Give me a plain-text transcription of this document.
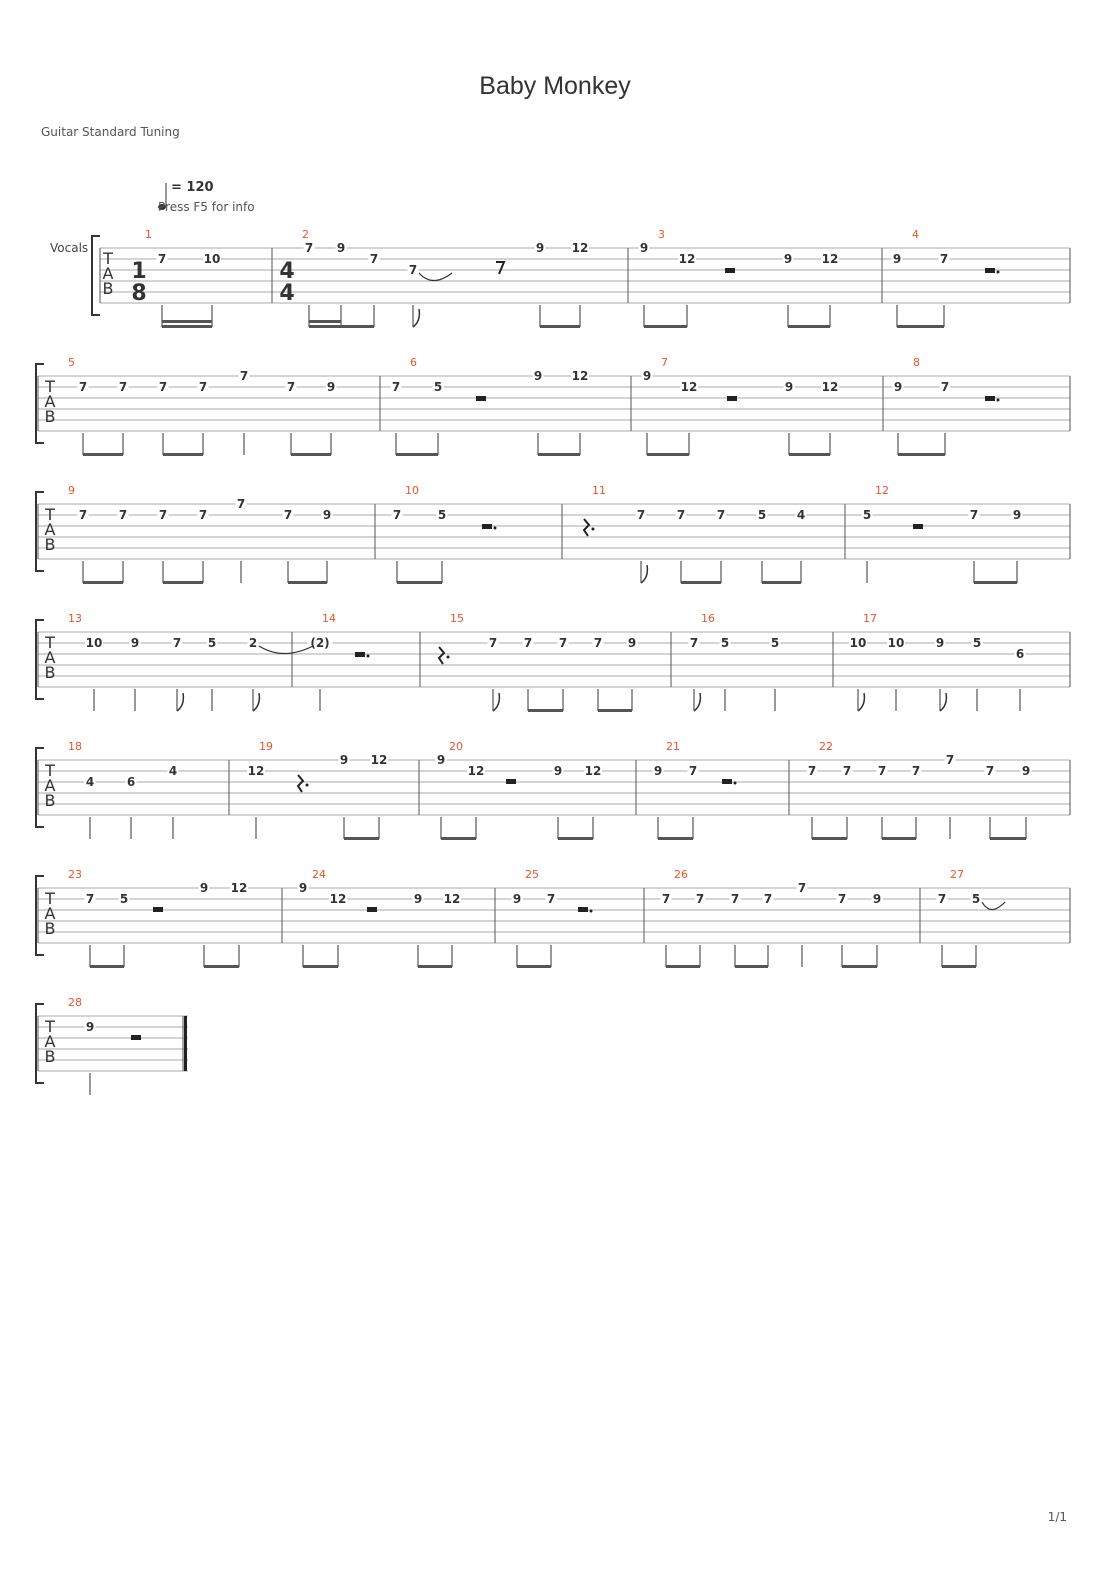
Baby Monkey
Guitar Standard Tuning
= 120
Press F5 for info
Vocals
1/1
T
A
B
1
8
4
4
1
7	10
2
7 9
7
7
9 12
3
9
12	9 12
4
9	7
T
A
B
5
7	7	7	7
7
7	9
6
7	5
9 12
7
9
12	9 12
8
9	7
T
A
B
9
7	7	7	7
7
7	9
10
7	5
11
7	7	7	5	4
12
5	7	9
T
A
B
13
10 9	7 5	2
14
(2)
15
7 7 7 7 9
16
7 5	5
17
10 10	9 5
6
T
A
B
18
4	6
4
19
12
9 12
20
9
12	9 12
21
9 7
22
7 7 7 7
7
7 9
T
A
B
23
7 5
9 12
24
9
12	9 12
25
9 7
26
7 7 7 7
7
7 9
27
7 5
T
A
B
28
9
